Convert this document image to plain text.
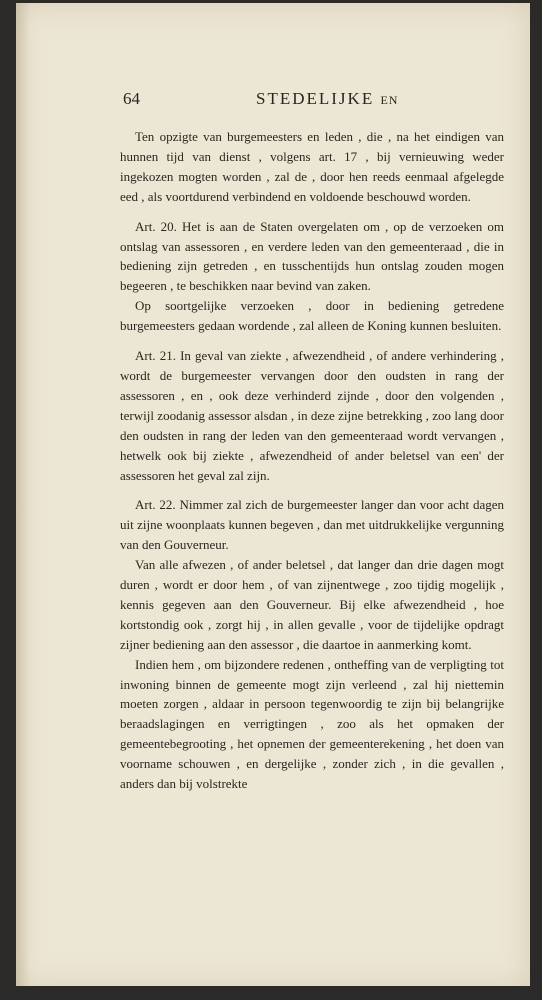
64	STEDELIJKE EN

Ten opzigte van burgemeesters en leden , die , na het eindigen van hunnen tijd van dienst , volgens art. 17 , bij vernieuwing weder ingekozen mogten worden , zal de , door hen reeds eenmaal afgelegde eed , als voortdurend verbindend en voldoende beschouwd worden.

Art. 20. Het is aan de Staten overgelaten om , op de verzoeken om ontslag van assessoren , en verdere leden van den gemeenteraad , die in bediening zijn getreden , en tusschentijds hun ontslag zouden mogen begeeren , te beschikken naar bevind van zaken.

Op soortgelijke verzoeken , door in bediening getredene burgemeesters gedaan wordende , zal alleen de Koning kunnen besluiten.

Art. 21. In geval van ziekte , afwezendheid , of andere verhindering , wordt de burgemeester vervangen door den oudsten in rang der assessoren , en , ook deze verhinderd zijnde , door den volgenden , terwijl zoodanig assessor alsdan , in deze zijne betrekking , zoo lang door den oudsten in rang der leden van den gemeenteraad wordt vervangen , hetwelk ook bij ziekte , afwezendheid of ander beletsel van een' der assessoren het geval zal zijn.

Art. 22. Nimmer zal zich de burgemeester langer dan voor acht dagen uit zijne woonplaats kunnen begeven , dan met uitdrukkelijke vergunning van den Gouverneur.

Van alle afwezen , of ander beletsel , dat langer dan drie dagen mogt duren , wordt er door hem , of van zijnentwege , zoo tijdig mogelijk , kennis gegeven aan den Gouverneur. Bij elke afwezendheid , hoe kortstondig ook , zorgt hij , in allen gevalle , voor de tijdelijke opdragt zijner bediening aan den assessor , die daartoe in aanmerking komt.

Indien hem , om bijzondere redenen , ontheffing van de verpligting tot inwoning binnen de gemeente mogt zijn verleend , zal hij niettemin moeten zorgen , aldaar in persoon tegenwoordig te zijn bij belangrijke beraadslagingen en verrigtingen , zoo als het opmaken der gemeentebegrooting , het opnemen der gemeenterekening , het doen van voorname schouwen , en dergelijke , zonder zich , in die gevallen , anders dan bij volstrekte
